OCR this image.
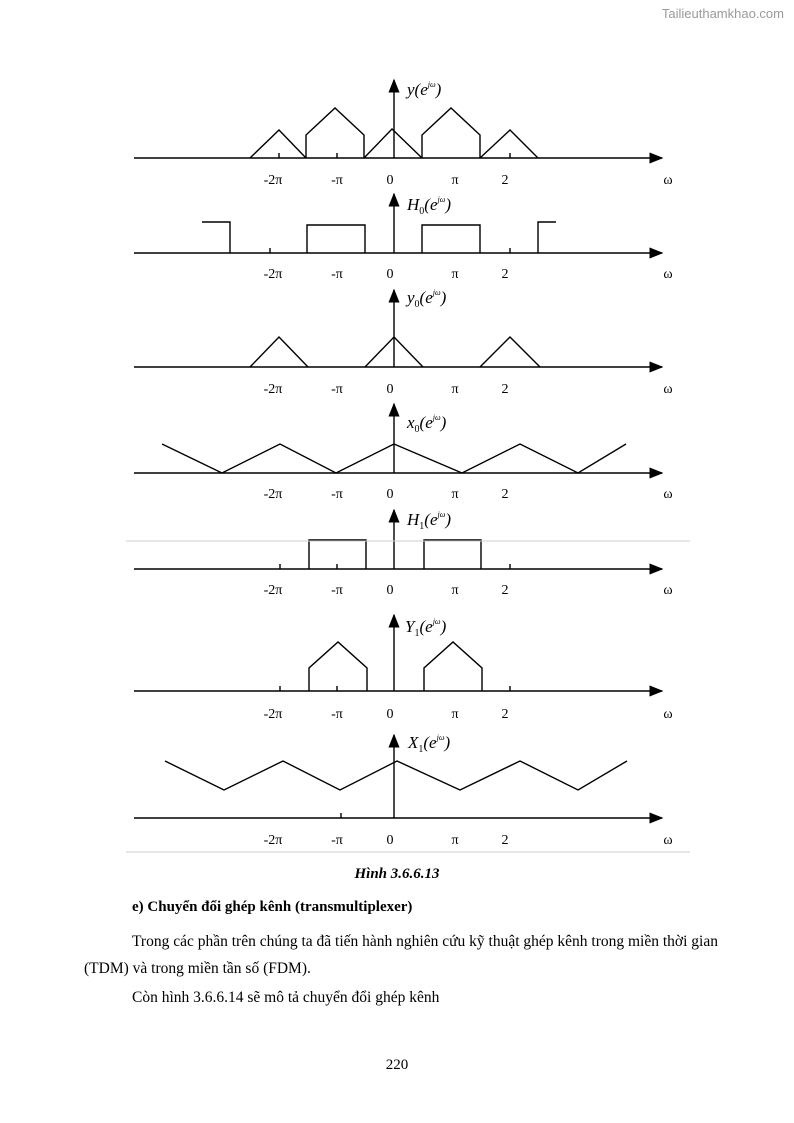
Tailieuthamkhao.com
-2π	-π	0	π	2	ω
$y(e^{j\omega})$
-2π	-π	0	π	2	ω
$H_0(e^{j\omega})$
-2π	-π	0	π	2	ω
$y_0(e^{j\omega})$
-2π	-π	0	π	2	ω
$x_0(e^{j\omega})$
-2π	-π	0	π	2	ω
$H_1(e^{j\omega})$
-2π	-π	0	π	2	ω
$Y_1(e^{j\omega})$
-2π	-π	0	π	2	ω
$X_1(e^{j\omega})$
Hình 3.6.6.13
e) Chuyển đổi ghép kênh (transmultiplexer)

Trong các phần trên chúng ta đã tiến hành nghiên cứu kỹ thuật ghép kênh trong miền thời gian (TDM) và trong miền tần số (FDM).

Còn hình 3.6.6.14 sẽ mô tả chuyển đổi ghép kênh

220
